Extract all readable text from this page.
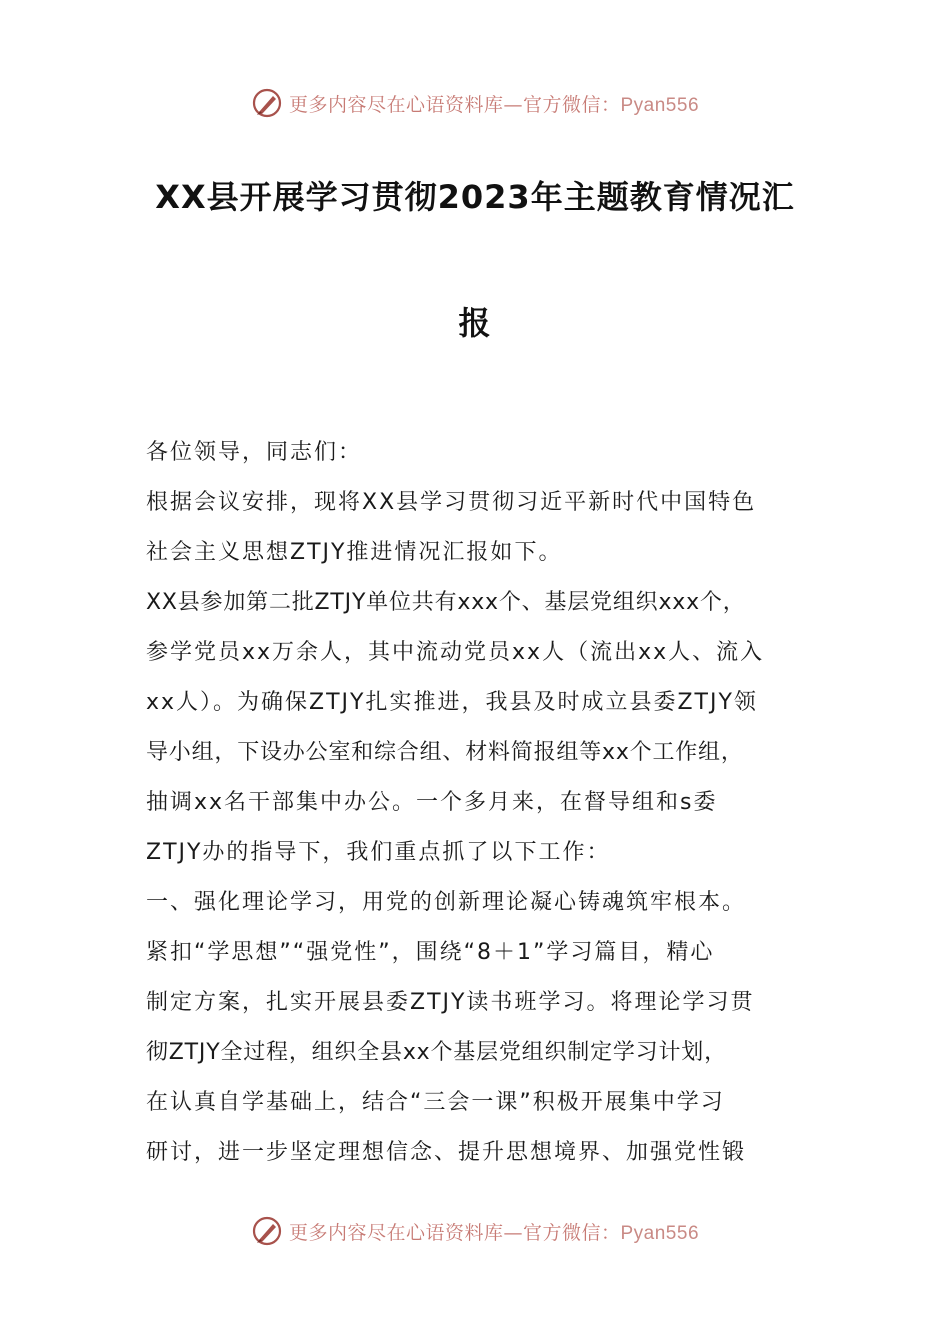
更多内容尽在心语资料库—官方微信：Pyan556
XX县开展学习贯彻2023年主题教育情况汇
报
各位领导，同志们：
根据会议安排，现将XX县学习贯彻习近平新时代中国特色
社会主义思想ZTJY推进情况汇报如下。
XX县参加第二批ZTJY单位共有xxx个、基层党组织xxx个，
参学党员xx万余人，其中流动党员xx人（流出xx人、流入
xx人）。为确保ZTJY扎实推进，我县及时成立县委ZTJY领
导小组，下设办公室和综合组、材料简报组等xx个工作组，
抽调xx名干部集中办公。一个多月来，在督导组和s委
ZTJY办的指导下，我们重点抓了以下工作：
一、强化理论学习，用党的创新理论凝心铸魂筑牢根本。
紧扣“学思想”“强党性”，围绕“8＋1”学习篇目，精心
制定方案，扎实开展县委ZTJY读书班学习。将理论学习贯
彻ZTJY全过程，组织全县xx个基层党组织制定学习计划，
在认真自学基础上，结合“三会一课”积极开展集中学习
研讨，进一步坚定理想信念、提升思想境界、加强党性锻
更多内容尽在心语资料库—官方微信：Pyan556
